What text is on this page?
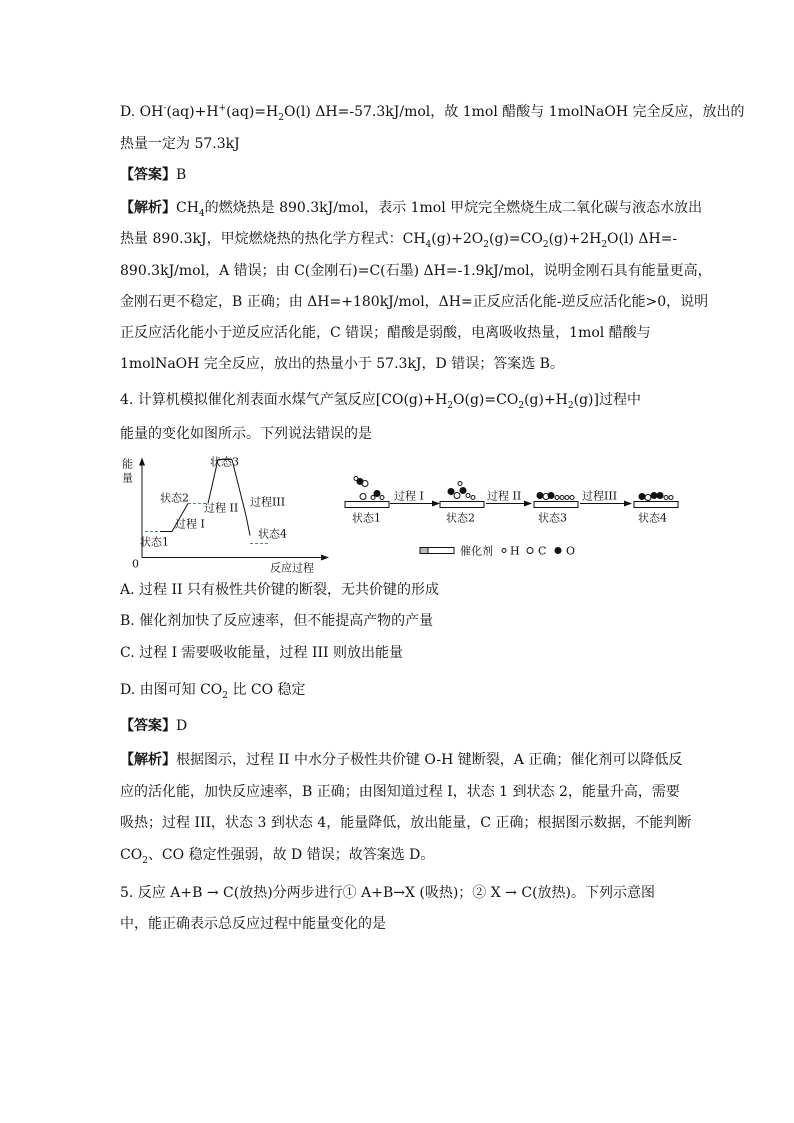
D. $OH^-(aq)+H^+(aq)=H_2O(l)$ ΔH=-57.3kJ/mol，故 1mol 醋酸与 1molNaOH 完全反应，放出的
热量一定为 57.3kJ
【答案】B
【解析】$CH_4$的燃烧热是 890.3kJ/mol，表示 1mol 甲烷完全燃烧生成二氧化碳与液态水放出
热量 890.3kJ，甲烷燃烧热的热化学方程式：$CH_4(g)+2O_2(g)=CO_2(g)+2H_2O(l)$ ΔH=-
890.3kJ/mol，A 错误；由 C(金刚石)=C(石墨) ΔH=-1.9kJ/mol，说明金刚石具有能量更高，
金刚石更不稳定，B 正确；由 ΔH=+180kJ/mol，ΔH=正反应活化能-逆反应活化能>0，说明
正反应活化能小于逆反应活化能，C 错误；醋酸是弱酸，电离吸收热量，1mol 醋酸与
1molNaOH 完全反应，放出的热量小于 57.3kJ，D 错误；答案选 B。
4. 计算机模拟催化剂表面水煤气产氢反应$[CO(g)+H_2O(g)=CO_2(g)+H_2(g)]$过程中
能量的变化如图所示。下列说法错误的是
能
量
0	反应过程
状态1
状态2
状态3
状态4
过程 I
过程 II 过程III
状态1
过程 I
状态2
过程 II
状态3
过程III
状态4
催化剂 H C O
A. 过程 II 只有极性共价键的断裂，无共价键的形成
B. 催化剂加快了反应速率，但不能提高产物的产量
C. 过程 I 需要吸收能量，过程 III 则放出能量
D. 由图可知 $CO_2$ 比 CO 稳定
【答案】D
【解析】根据图示，过程 II 中水分子极性共价键 O-H 键断裂，A 正确；催化剂可以降低反
应的活化能，加快反应速率，B 正确；由图知道过程 I，状态 1 到状态 2，能量升高，需要
吸热；过程 III，状态 3 到状态 4，能量降低，放出能量，C 正确；根据图示数据，不能判断
$CO_2$、CO 稳定性强弱，故 D 错误；故答案选 D。
5. 反应 A+B → C(放热)分两步进行① A+B→X (吸热)；② X → C(放热)。下列示意图
中，能正确表示总反应过程中能量变化的是
